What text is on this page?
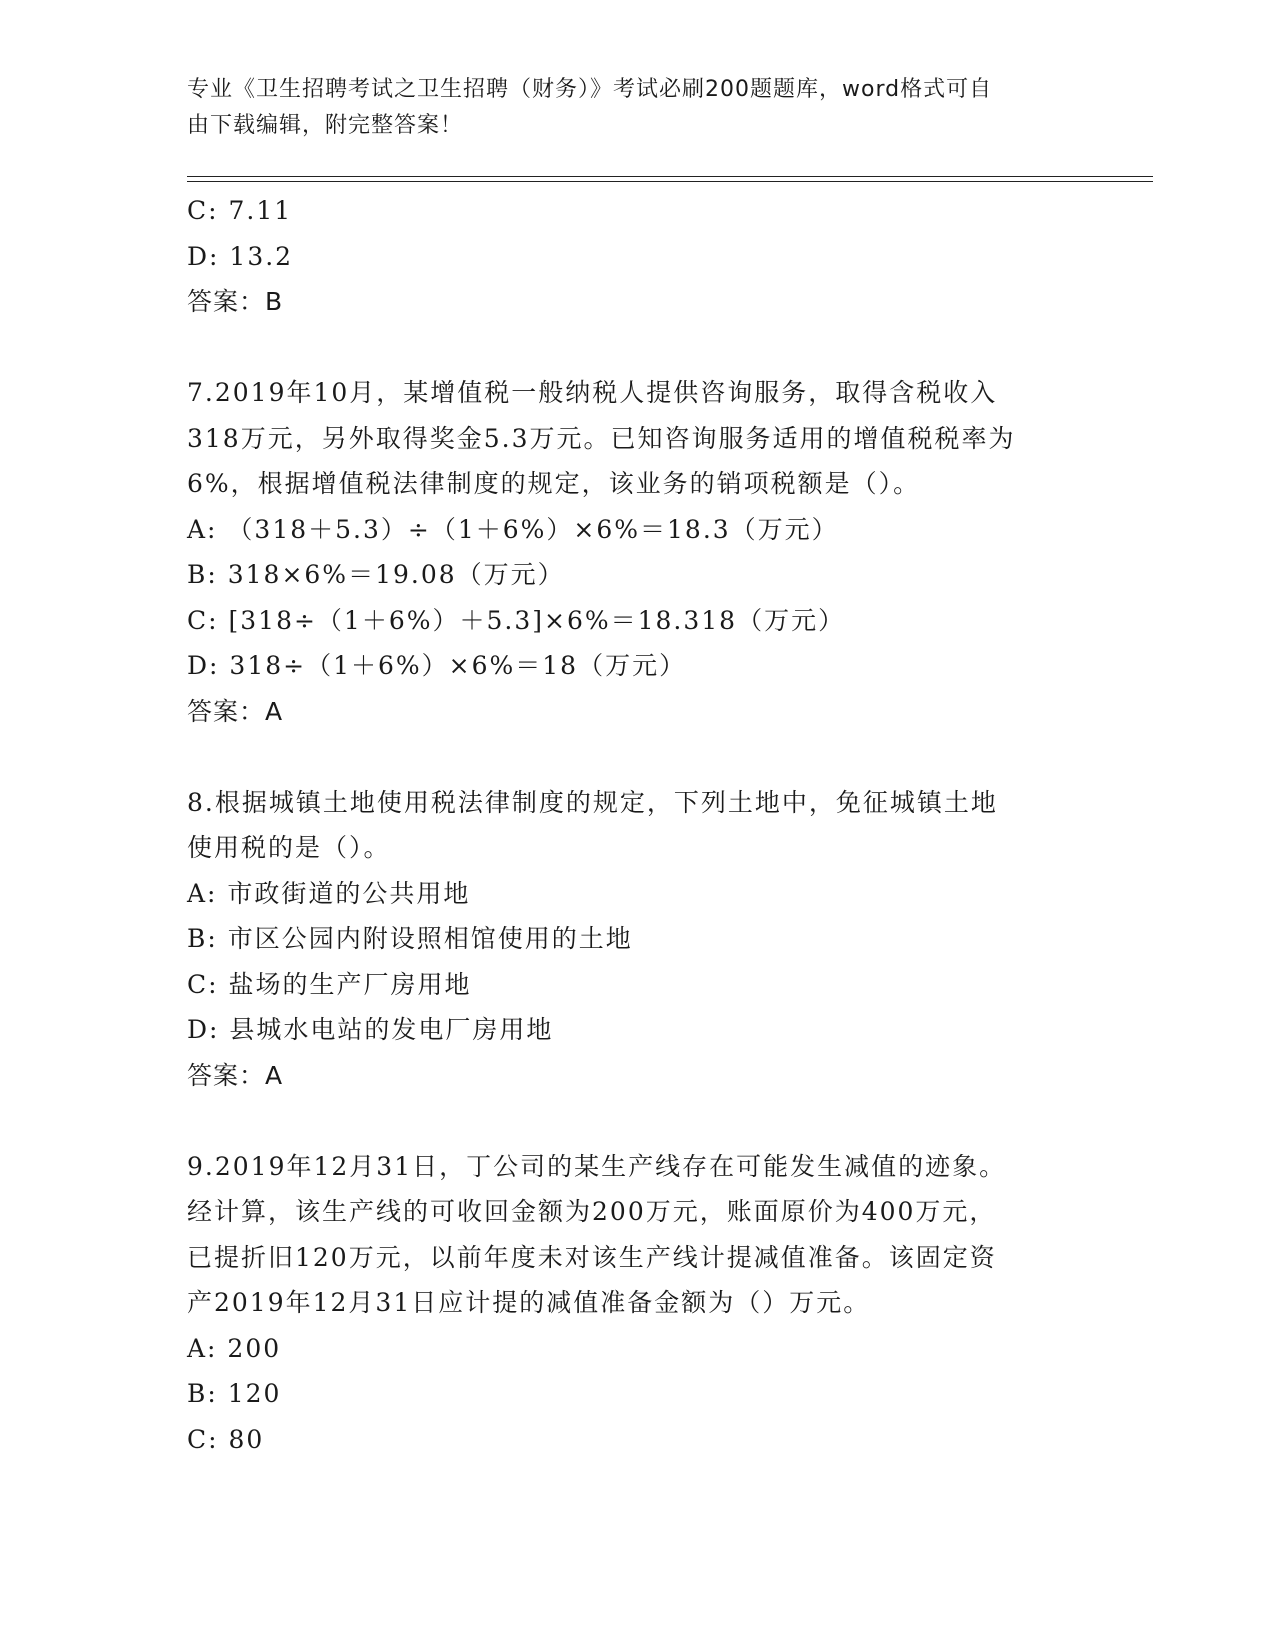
专业《卫生招聘考试之卫生招聘（财务）》考试必刷200题题库，word格式可自
由下载编辑，附完整答案！
C: 7.11
D: 13.2
答案：B
7.2019年10月，某增值税一般纳税人提供咨询服务，取得含税收入
318万元，另外取得奖金5.3万元。已知咨询服务适用的增值税税率为
6%，根据增值税法律制度的规定，该业务的销项税额是（）。
A: （318＋5.3）÷（1＋6%）×6%＝18.3（万元）
B: 318×6%＝19.08（万元）
C: [318÷（1＋6%）＋5.3]×6%＝18.318（万元）
D: 318÷（1＋6%）×6%＝18（万元）
答案：A
8.根据城镇土地使用税法律制度的规定，下列土地中，免征城镇土地
使用税的是（）。
A: 市政街道的公共用地
B: 市区公园内附设照相馆使用的土地
C: 盐场的生产厂房用地
D: 县城水电站的发电厂房用地
答案：A
9.2019年12月31日，丁公司的某生产线存在可能发生减值的迹象。
经计算，该生产线的可收回金额为200万元，账面原价为400万元，
已提折旧120万元，以前年度未对该生产线计提减值准备。该固定资
产2019年12月31日应计提的减值准备金额为（）万元。
A: 200
B: 120
C: 80
